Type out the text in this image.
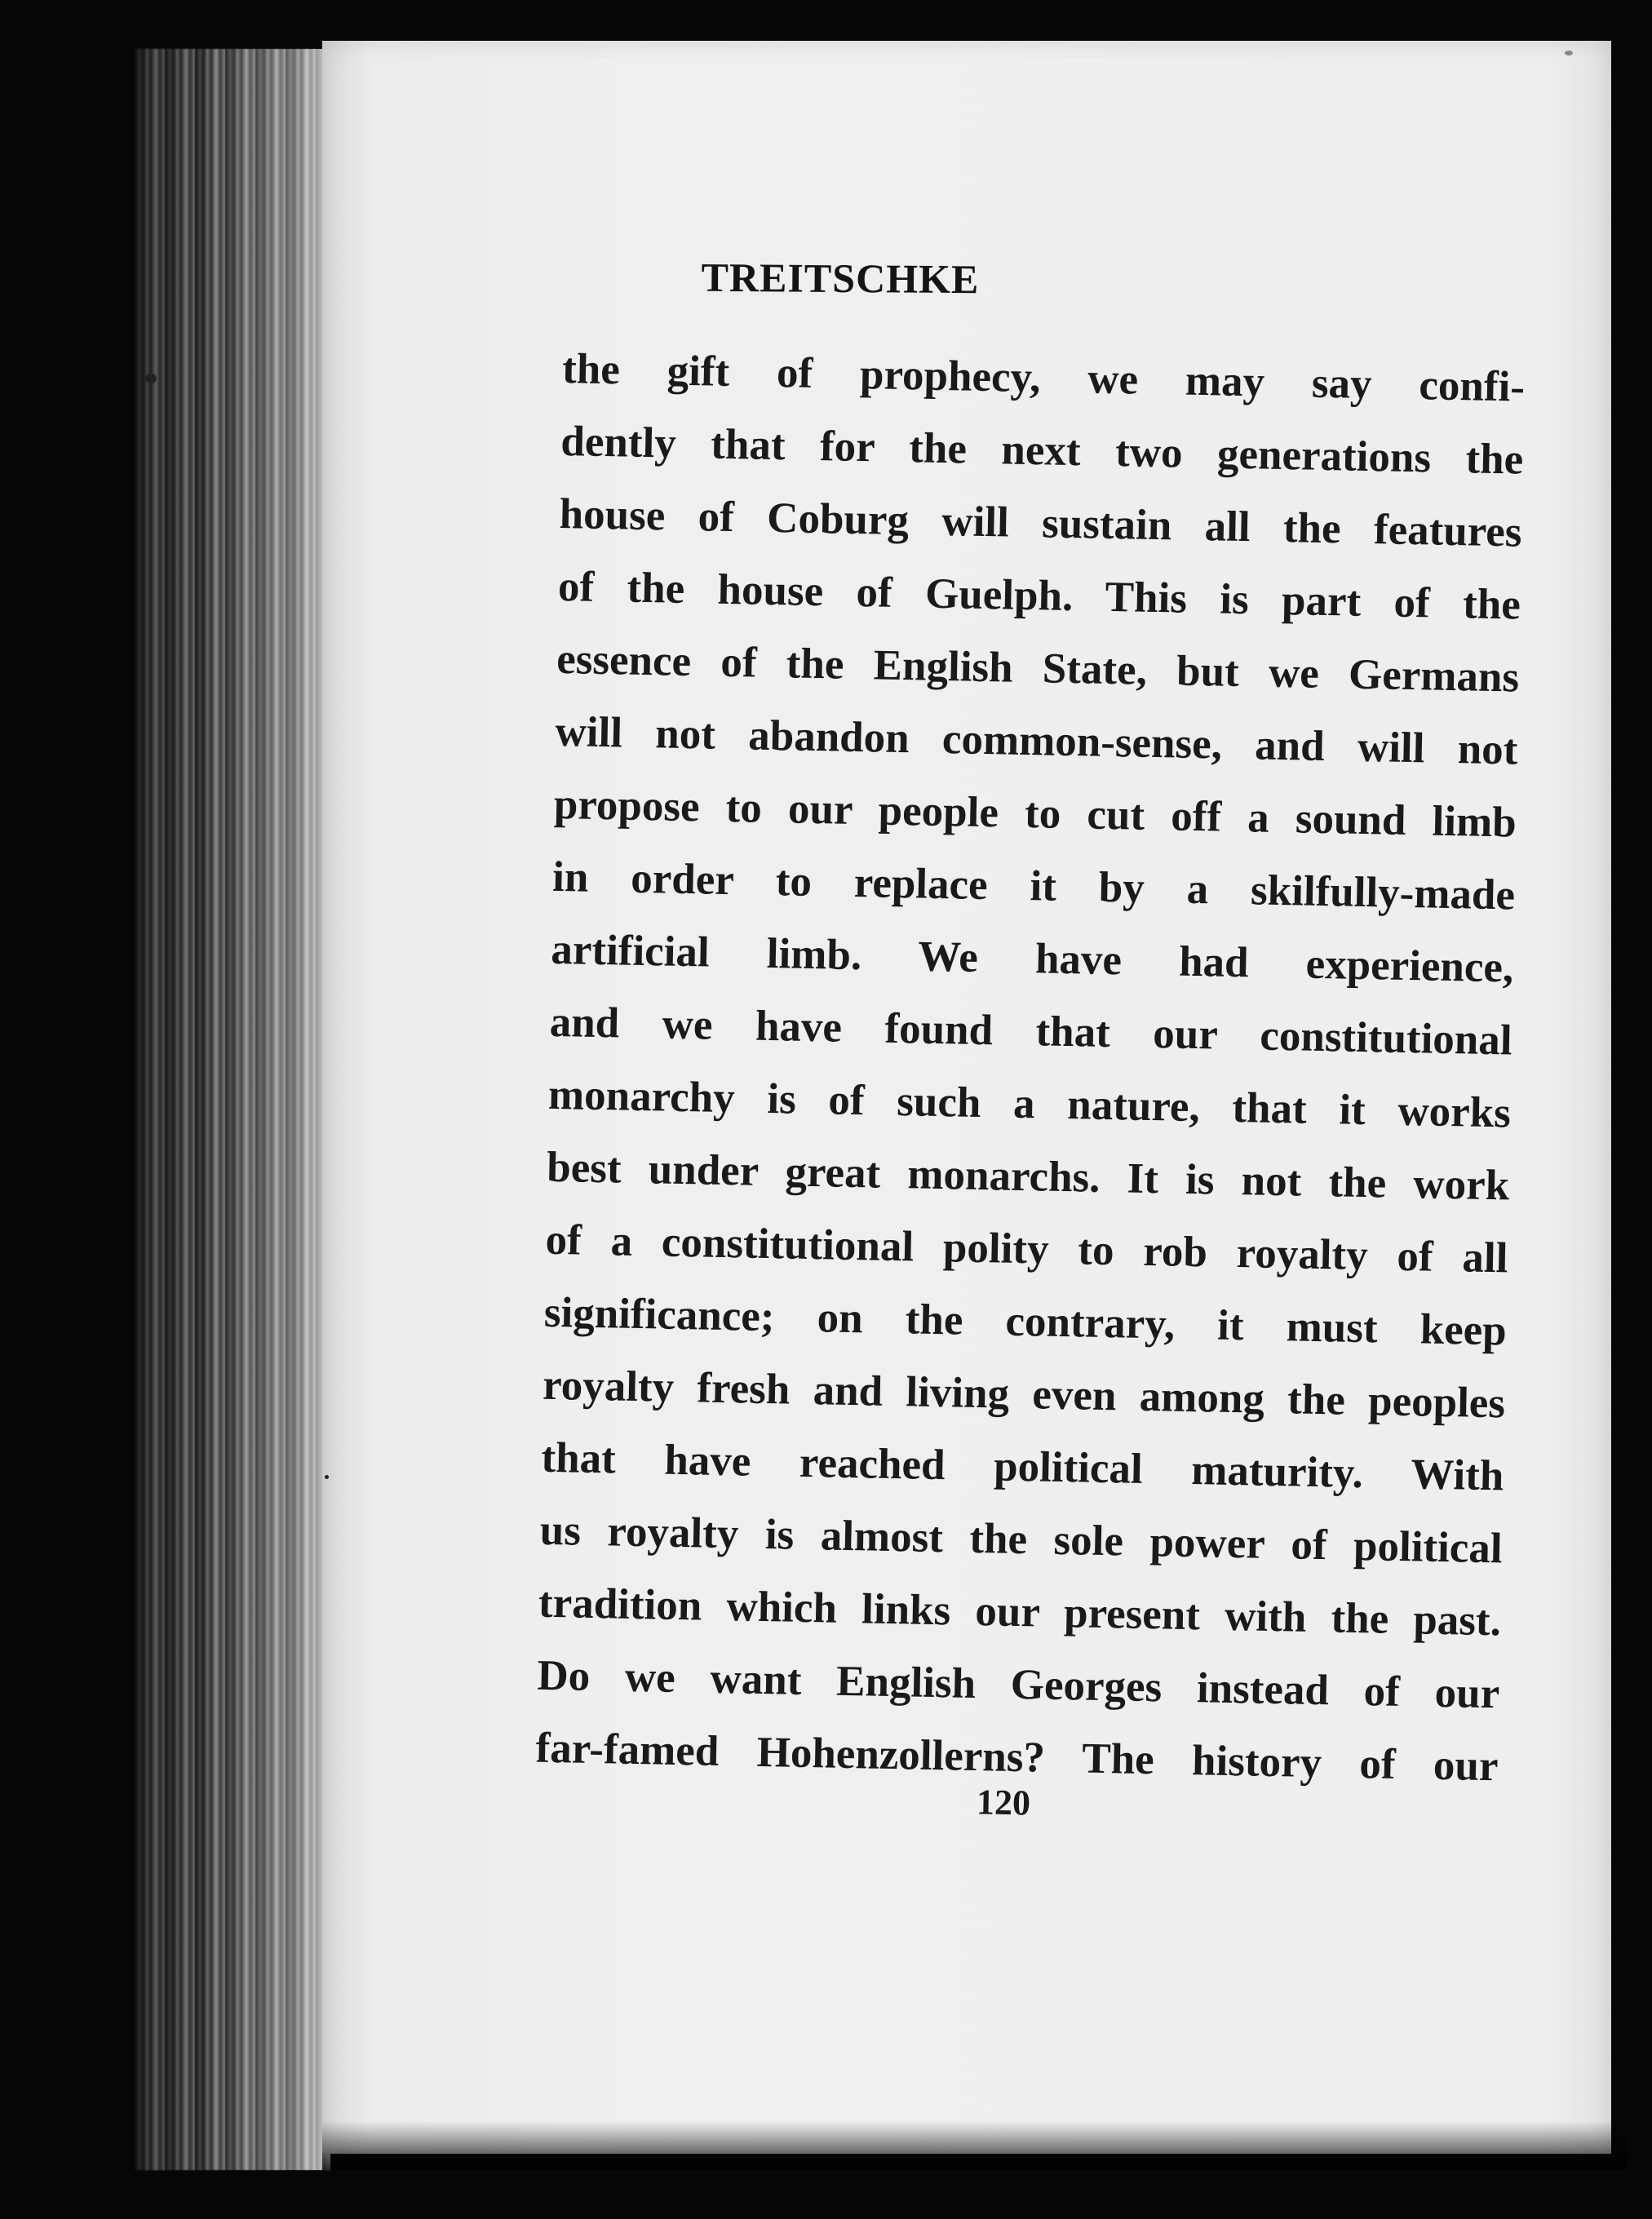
TREITSCHKE
the gift of prophecy, we may say confi-
dently that for the next two generations the
house of Coburg will sustain all the features
of the house of Guelph. This is part of the
essence of the English State, but we Germans
will not abandon common-sense, and will not
propose to our people to cut off a sound limb
in order to replace it by a skilfully-made
artificial limb. We have had experience,
and we have found that our constitutional
monarchy is of such a nature, that it works
best under great monarchs. It is not the work
of a constitutional polity to rob royalty of all
significance; on the contrary, it must keep
royalty fresh and living even among the peoples
that have reached political maturity. With
us royalty is almost the sole power of political
tradition which links our present with the past.
Do we want English Georges instead of our
far-famed Hohenzollerns? The history of our
120
